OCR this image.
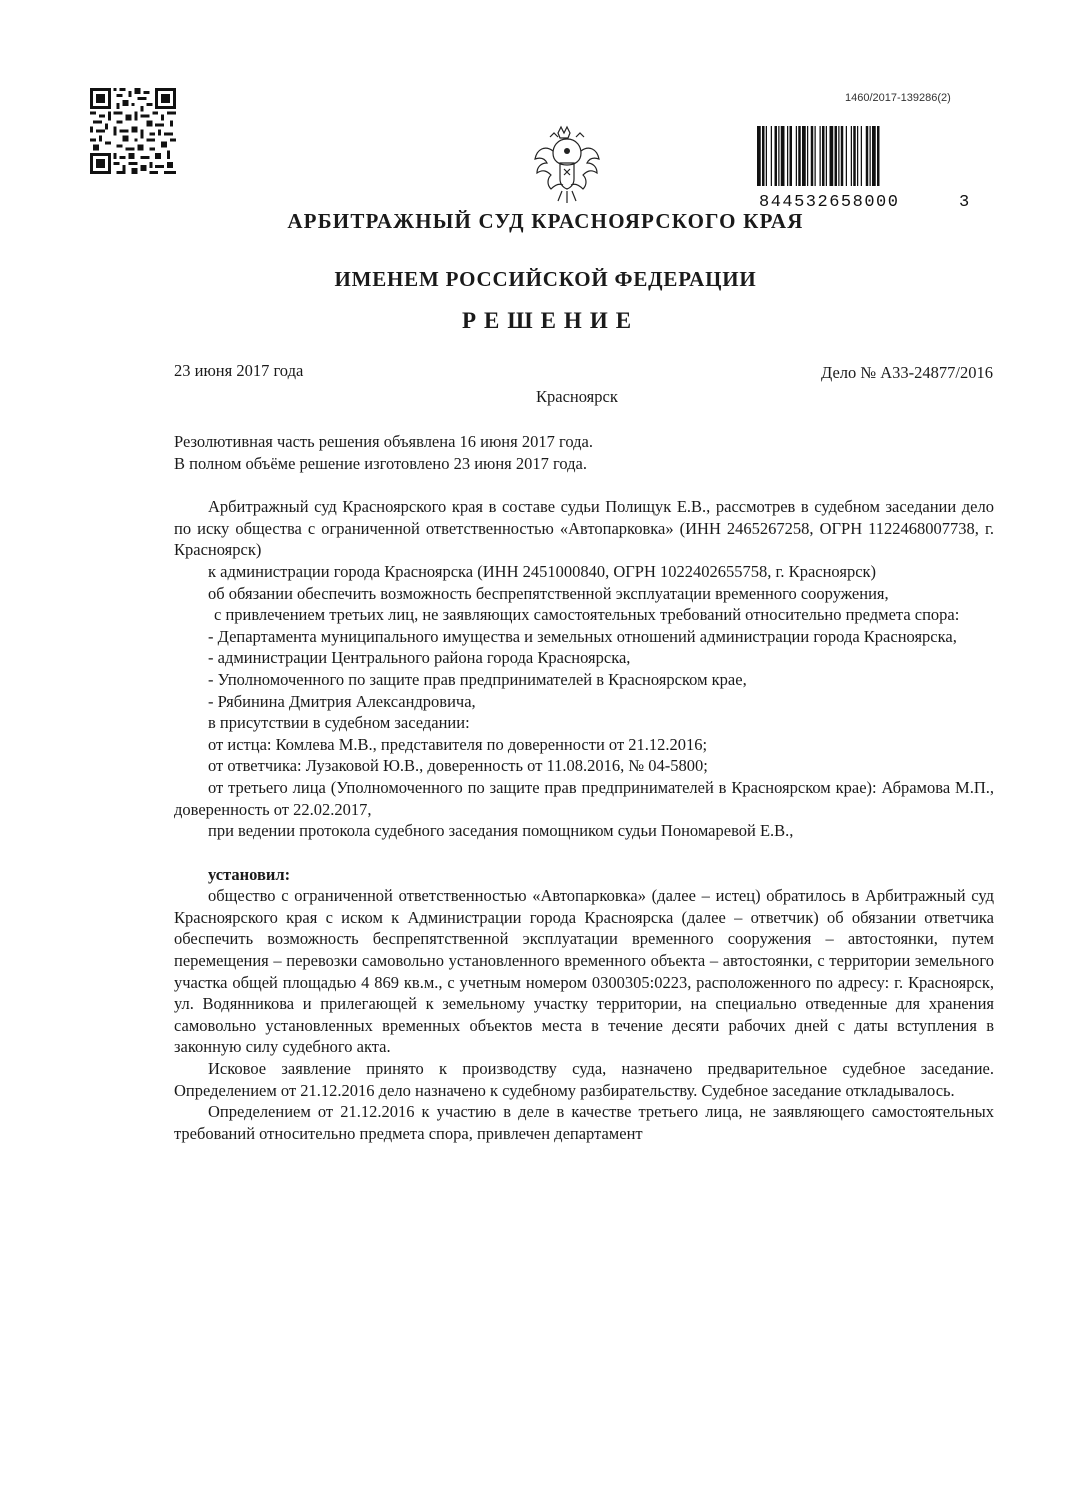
1460/2017-139286(2)
844532658000	3
АРБИТРАЖНЫЙ СУД КРАСНОЯРСКОГО КРАЯ
ИМЕНЕМ РОССИЙСКОЙ ФЕДЕРАЦИИ
РЕШЕНИЕ
23 июня 2017 года	Дело № А33-24877/2016
Красноярск

Резолютивная часть решения объявлена 16 июня 2017 года.

В полном объёме решение изготовлено 23 июня 2017 года.

Арбитражный суд Красноярского края в составе судьи Полищук Е.В., рассмотрев в судебном заседании дело по иску общества с ограниченной ответственностью «Автопарковка» (ИНН 2465267258, ОГРН 1122468007738, г. Красноярск)

к администрации города Красноярска (ИНН 2451000840, ОГРН 1022402655758, г. Красноярск)

об обязании обеспечить возможность беспрепятственной эксплуатации временного сооружения,

с привлечением третьих лиц, не заявляющих самостоятельных требований относительно предмета спора:

- Департамента муниципального имущества и земельных отношений администрации города Красноярска,

- администрации Центрального района города Красноярска,

- Уполномоченного по защите прав предпринимателей в Красноярском крае,

- Рябинина Дмитрия Александровича,

в присутствии в судебном заседании:

от истца: Комлева М.В., представителя по доверенности от 21.12.2016;

от ответчика: Лузаковой Ю.В., доверенность от 11.08.2016, № 04-5800;

от третьего лица (Уполномоченного по защите прав предпринимателей в Красноярском крае): Абрамова М.П., доверенность от 22.02.2017,

при ведении протокола судебного заседания помощником судьи Пономаревой Е.В.,

установил:

общество с ограниченной ответственностью «Автопарковка» (далее – истец) обратилось в Арбитражный суд Красноярского края с иском к Администрации города Красноярска (далее – ответчик) об обязании ответчика обеспечить возможность беспрепятственной эксплуатации временного сооружения – автостоянки, путем перемещения – перевозки самовольно установленного временного объекта – автостоянки, с территории земельного участка общей площадью 4 869 кв.м., с учетным номером 0300305:0223, расположенного по адресу: г. Красноярск, ул. Водянникова и прилегающей к земельному участку территории, на специально отведенные для хранения самовольно установленных временных объектов места в течение десяти рабочих дней с даты вступления в законную силу судебного акта.

Исковое заявление принято к производству суда, назначено предварительное судебное заседание. Определением от 21.12.2016 дело назначено к судебному разбирательству. Судебное заседание откладывалось.

Определением от 21.12.2016 к участию в деле в качестве третьего лица, не заявляющего самостоятельных требований относительно предмета спора, привлечен департамент
